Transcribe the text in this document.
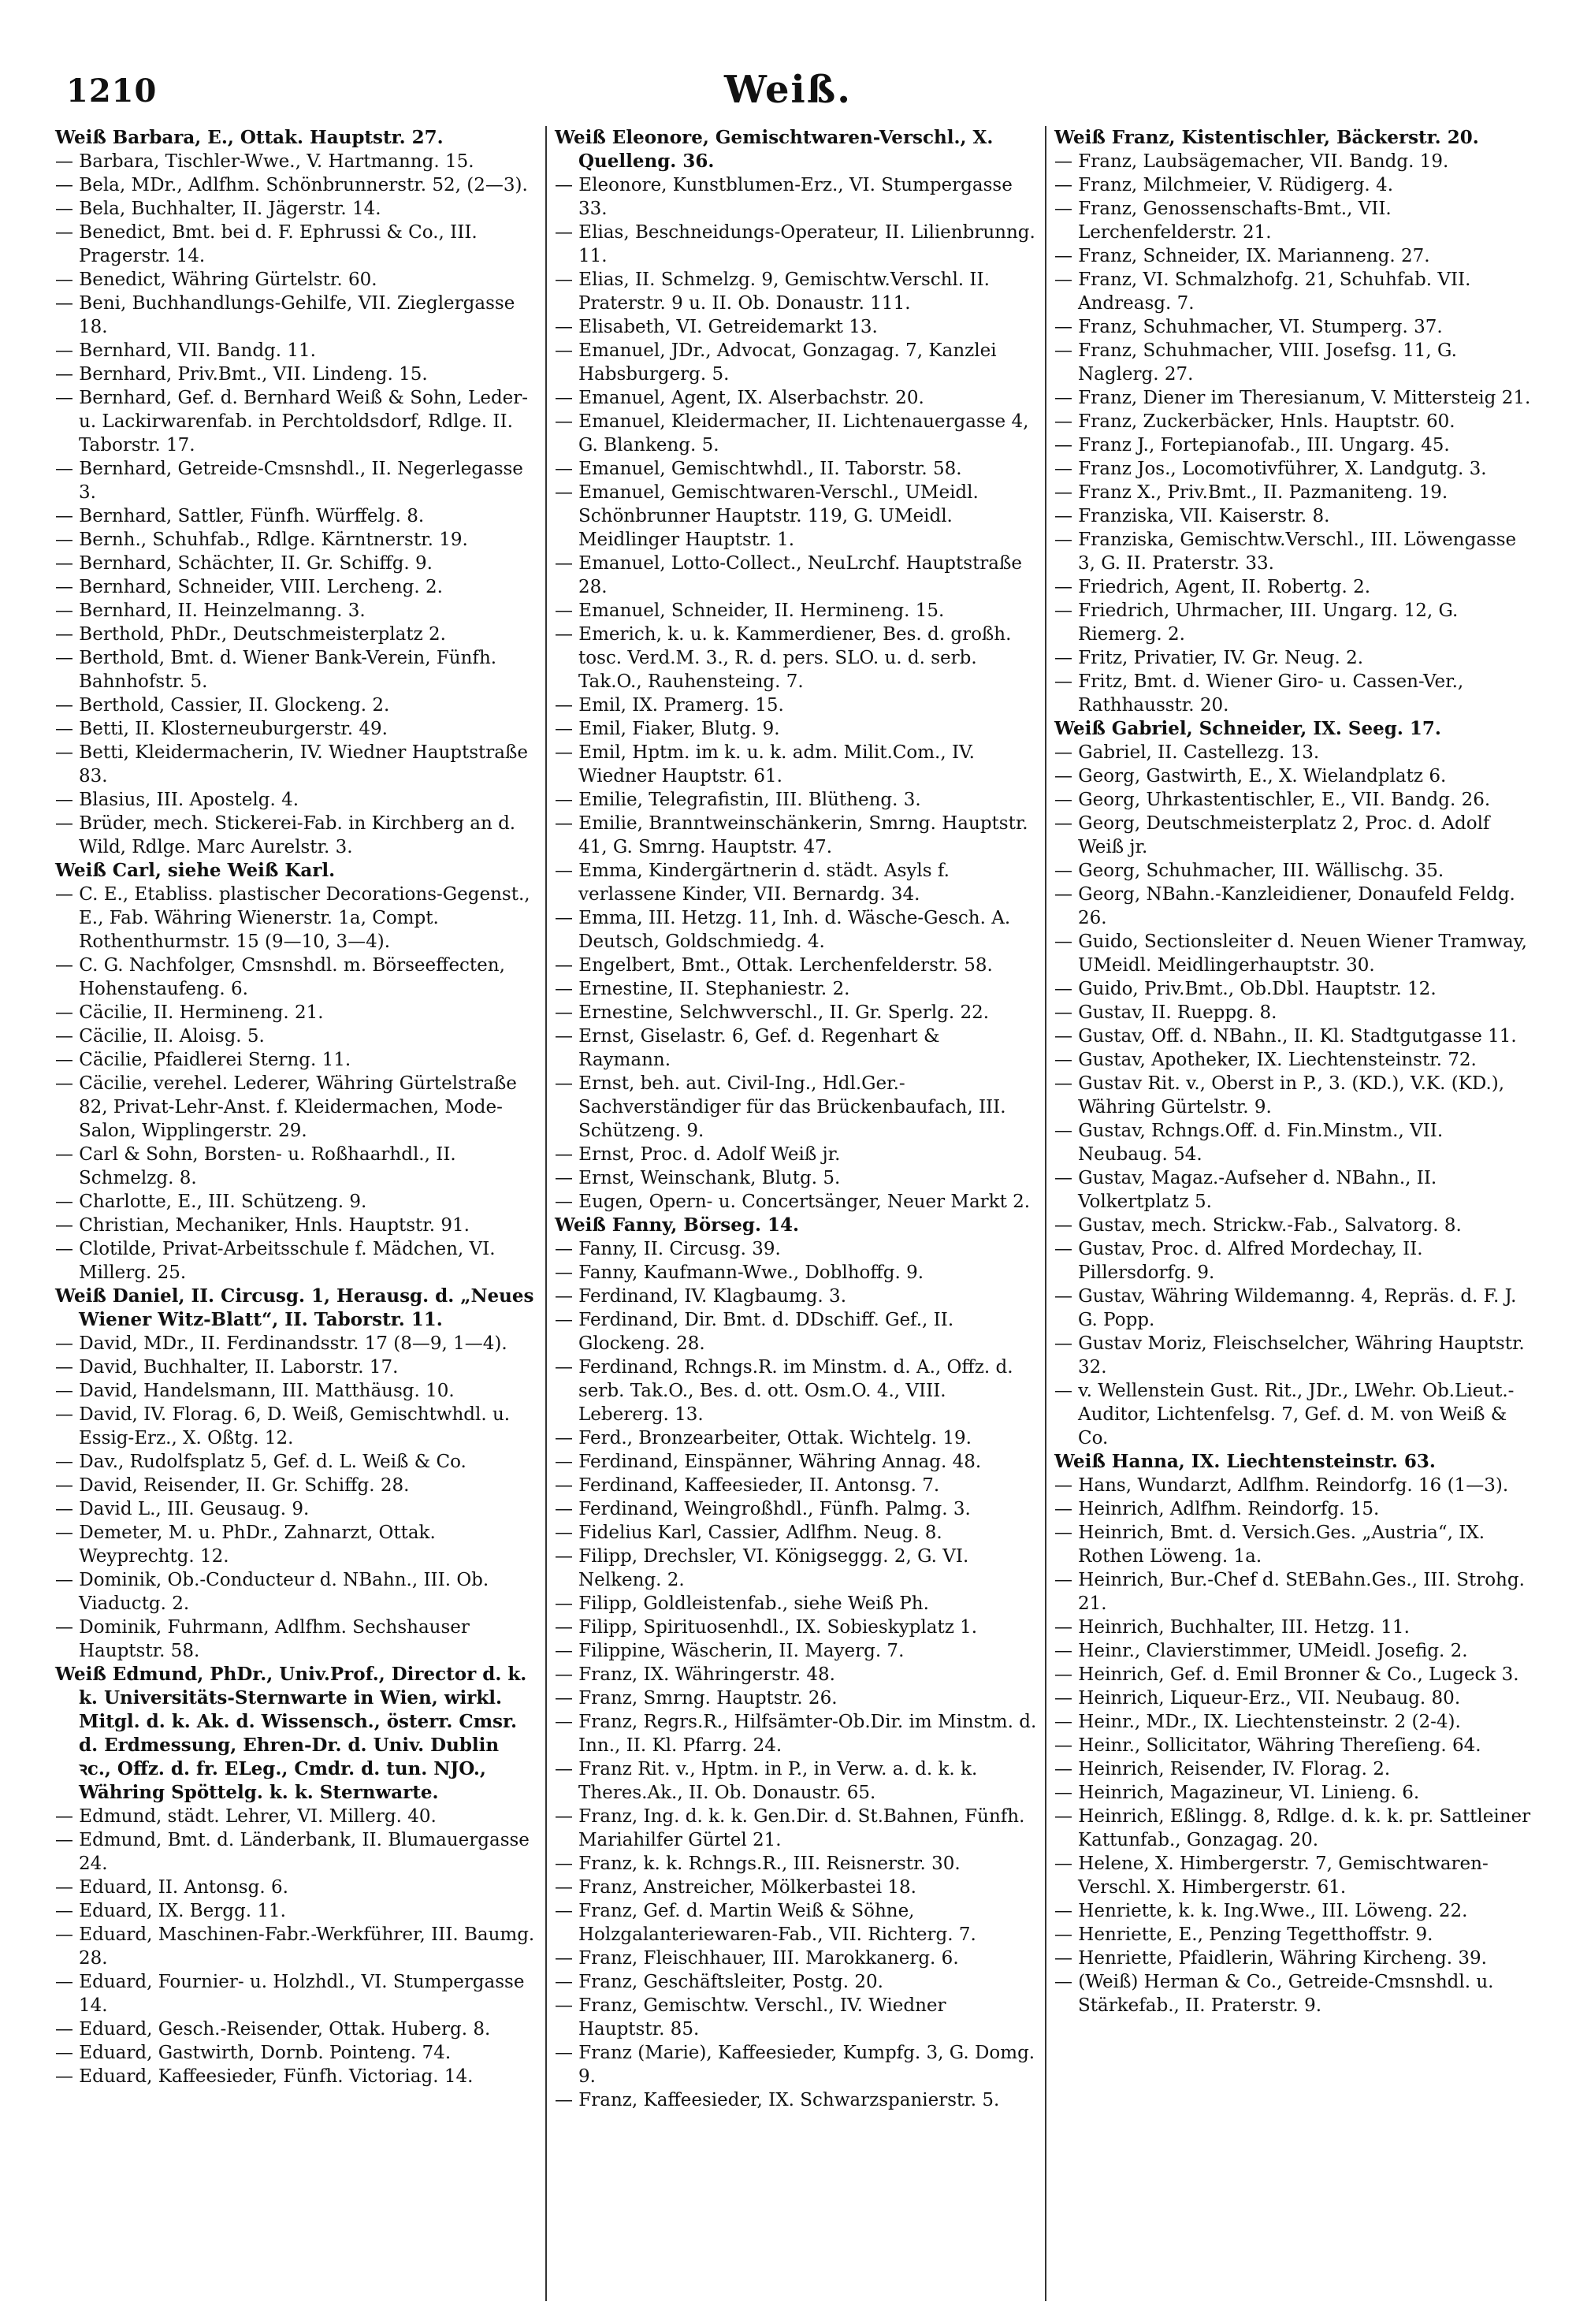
1210	Weiß.
Weiß Barbara, E., Ottak. Hauptstr. 27.
— Barbara, Tischler-Wwe., V. Hartmanng. 15.
— Bela, MDr., Adlfhm. Schönbrunnerstr. 52, (2—3).
— Bela, Buchhalter, II. Jägerstr. 14.
— Benedict, Bmt. bei d. F. Ephrussi & Co., III. Pragerstr. 14.
— Benedict, Währing Gürtelstr. 60.
— Beni, Buchhandlungs-Gehilfe, VII. Zieglergasse 18.
— Bernhard, VII. Bandg. 11.
— Bernhard, Priv.Bmt., VII. Lindeng. 15.
— Bernhard, Gef. d. Bernhard Weiß & Sohn, Leder- u. Lackirwarenfab. in Perchtoldsdorf, Rdlge. II. Taborstr. 17.
— Bernhard, Getreide-Cmsnshdl., II. Negerlegasse 3.
— Bernhard, Sattler, Fünfh. Würffelg. 8.
— Bernh., Schuhfab., Rdlge. Kärntnerstr. 19.
— Bernhard, Schächter, II. Gr. Schiffg. 9.
— Bernhard, Schneider, VIII. Lercheng. 2.
— Bernhard, II. Heinzelmanng. 3.
— Berthold, PhDr., Deutschmeisterplatz 2.
— Berthold, Bmt. d. Wiener Bank-Verein, Fünfh. Bahnhofstr. 5.
— Berthold, Cassier, II. Glockeng. 2.
— Betti, II. Klosterneuburgerstr. 49.
— Betti, Kleidermacherin, IV. Wiedner Hauptstraße 83.
— Blasius, III. Apostelg. 4.
— Brüder, mech. Stickerei-Fab. in Kirchberg an d. Wild, Rdlge. Marc Aurelstr. 3.
Weiß Carl, siehe Weiß Karl.
— C. E., Etabliss. plastischer Decorations-Gegenst., E., Fab. Währing Wienerstr. 1a, Compt. Rothenthurmstr. 15 (9—10, 3—4).
— C. G. Nachfolger, Cmsnshdl. m. Börseeffecten, Hohenstaufeng. 6.
— Cäcilie, II. Hermineng. 21.
— Cäcilie, II. Aloisg. 5.
— Cäcilie, Pfaidlerei Sterng. 11.
— Cäcilie, verehel. Lederer, Währing Gürtelstraße 82, Privat-Lehr-Anst. f. Kleidermachen, Mode-Salon, Wipplingerstr. 29.
— Carl & Sohn, Borsten- u. Roßhaarhdl., II. Schmelzg. 8.
— Charlotte, E., III. Schützeng. 9.
— Christian, Mechaniker, Hnls. Hauptstr. 91.
— Clotilde, Privat-Arbeitsschule f. Mädchen, VI. Millerg. 25.
Weiß Daniel, II. Circusg. 1, Herausg. d. „Neues Wiener Witz-Blatt“, II. Taborstr. 11.
— David, MDr., II. Ferdinandsstr. 17 (8—9, 1—4).
— David, Buchhalter, II. Laborstr. 17.
— David, Handelsmann, III. Matthäusg. 10.
— David, IV. Florag. 6, D. Weiß, Gemischtwhdl. u. Essig-Erz., X. Oßtg. 12.
— Dav., Rudolfsplatz 5, Gef. d. L. Weiß & Co.
— David, Reisender, II. Gr. Schiffg. 28.
— David L., III. Geusaug. 9.
— Demeter, M. u. PhDr., Zahnarzt, Ottak. Weyprechtg. 12.
— Dominik, Ob.-Conducteur d. NBahn., III. Ob. Viaductg. 2.
— Dominik, Fuhrmann, Adlfhm. Sechshauser Hauptstr. 58.
Weiß Edmund, PhDr., Univ.Prof., Director d. k. k. Universitäts-Sternwarte in Wien, wirkl. Mitgl. d. k. Ak. d. Wissensch., österr. Cmsr. d. Erdmessung, Ehren-Dr. d. Univ. Dublin ꝛc., Offz. d. fr. ELeg., Cmdr. d. tun. NJO., Währing Spöttelg. k. k. Sternwarte.
— Edmund, städt. Lehrer, VI. Millerg. 40.
— Edmund, Bmt. d. Länderbank, II. Blumauergasse 24.
— Eduard, II. Antonsg. 6.
— Eduard, IX. Bergg. 11.
— Eduard, Maschinen-Fabr.-Werkführer, III. Baumg. 28.
— Eduard, Fournier- u. Holzhdl., VI. Stumpergasse 14.
— Eduard, Gesch.-Reisender, Ottak. Huberg. 8.
— Eduard, Gastwirth, Dornb. Pointeng. 74.
— Eduard, Kaffeesieder, Fünfh. Victoriag. 14.
Weiß Eleonore, Gemischtwaren-Verschl., X. Quelleng. 36.
— Eleonore, Kunstblumen-Erz., VI. Stumpergasse 33.
— Elias, Beschneidungs-Operateur, II. Lilienbrunng. 11.
— Elias, II. Schmelzg. 9, Gemischtw.Verschl. II. Praterstr. 9 u. II. Ob. Donaustr. 111.
— Elisabeth, VI. Getreidemarkt 13.
— Emanuel, JDr., Advocat, Gonzagag. 7, Kanzlei Habsburgerg. 5.
— Emanuel, Agent, IX. Alserbachstr. 20.
— Emanuel, Kleidermacher, II. Lichtenauergasse 4, G. Blankeng. 5.
— Emanuel, Gemischtwhdl., II. Taborstr. 58.
— Emanuel, Gemischtwaren-Verschl., UMeidl. Schönbrunner Hauptstr. 119, G. UMeidl. Meidlinger Hauptstr. 1.
— Emanuel, Lotto-Collect., NeuLrchf. Hauptstraße 28.
— Emanuel, Schneider, II. Hermineng. 15.
— Emerich, k. u. k. Kammerdiener, Bes. d. großh. tosc. Verd.M. 3., R. d. pers. SLO. u. d. serb. Tak.O., Rauhensteing. 7.
— Emil, IX. Pramerg. 15.
— Emil, Fiaker, Blutg. 9.
— Emil, Hptm. im k. u. k. adm. Milit.Com., IV. Wiedner Hauptstr. 61.
— Emilie, Telegrafistin, III. Blütheng. 3.
— Emilie, Branntweinschänkerin, Smrng. Hauptstr. 41, G. Smrng. Hauptstr. 47.
— Emma, Kindergärtnerin d. städt. Asyls f. verlassene Kinder, VII. Bernardg. 34.
— Emma, III. Hetzg. 11, Inh. d. Wäsche-Gesch. A. Deutsch, Goldschmiedg. 4.
— Engelbert, Bmt., Ottak. Lerchenfelderstr. 58.
— Ernestine, II. Stephaniestr. 2.
— Ernestine, Selchwverschl., II. Gr. Sperlg. 22.
— Ernst, Giselastr. 6, Gef. d. Regenhart & Raymann.
— Ernst, beh. aut. Civil-Ing., Hdl.Ger.-Sachverständiger für das Brückenbaufach, III. Schützeng. 9.
— Ernst, Proc. d. Adolf Weiß jr.
— Ernst, Weinschank, Blutg. 5.
— Eugen, Opern- u. Concertsänger, Neuer Markt 2.
Weiß Fanny, Börseg. 14.
— Fanny, II. Circusg. 39.
— Fanny, Kaufmann-Wwe., Doblhoffg. 9.
— Ferdinand, IV. Klagbaumg. 3.
— Ferdinand, Dir. Bmt. d. DDschiff. Gef., II. Glockeng. 28.
— Ferdinand, Rchngs.R. im Minstm. d. A., Offz. d. serb. Tak.O., Bes. d. ott. Osm.O. 4., VIII. Lebererg. 13.
— Ferd., Bronzearbeiter, Ottak. Wichtelg. 19.
— Ferdinand, Einspänner, Währing Annag. 48.
— Ferdinand, Kaffeesieder, II. Antonsg. 7.
— Ferdinand, Weingroßhdl., Fünfh. Palmg. 3.
— Fidelius Karl, Cassier, Adlfhm. Neug. 8.
— Filipp, Drechsler, VI. Königseggg. 2, G. VI. Nelkeng. 2.
— Filipp, Goldleistenfab., siehe Weiß Ph.
— Filipp, Spirituosenhdl., IX. Sobieskyplatz 1.
— Filippine, Wäscherin, II. Mayerg. 7.
— Franz, IX. Währingerstr. 48.
— Franz, Smrng. Hauptstr. 26.
— Franz, Regrs.R., Hilfsämter-Ob.Dir. im Minstm. d. Inn., II. Kl. Pfarrg. 24.
— Franz Rit. v., Hptm. in P., in Verw. a. d. k. k. Theres.Ak., II. Ob. Donaustr. 65.
— Franz, Ing. d. k. k. Gen.Dir. d. St.Bahnen, Fünfh. Mariahilfer Gürtel 21.
— Franz, k. k. Rchngs.R., III. Reisnerstr. 30.
— Franz, Anstreicher, Mölkerbastei 18.
— Franz, Gef. d. Martin Weiß & Söhne, Holzgalanteriewaren-Fab., VII. Richterg. 7.
— Franz, Fleischhauer, III. Marokkanerg. 6.
— Franz, Geschäftsleiter, Postg. 20.
— Franz, Gemischtw. Verschl., IV. Wiedner Hauptstr. 85.
— Franz (Marie), Kaffeesieder, Kumpfg. 3, G. Domg. 9.
— Franz, Kaffeesieder, IX. Schwarzspanierstr. 5.
Weiß Franz, Kistentischler, Bäckerstr. 20.
— Franz, Laubsägemacher, VII. Bandg. 19.
— Franz, Milchmeier, V. Rüdigerg. 4.
— Franz, Genossenschafts-Bmt., VII. Lerchenfelderstr. 21.
— Franz, Schneider, IX. Marianneng. 27.
— Franz, VI. Schmalzhofg. 21, Schuhfab. VII. Andreasg. 7.
— Franz, Schuhmacher, VI. Stumperg. 37.
— Franz, Schuhmacher, VIII. Josefsg. 11, G. Naglerg. 27.
— Franz, Diener im Theresianum, V. Mittersteig 21.
— Franz, Zuckerbäcker, Hnls. Hauptstr. 60.
— Franz J., Fortepianofab., III. Ungarg. 45.
— Franz Jos., Locomotivführer, X. Landgutg. 3.
— Franz X., Priv.Bmt., II. Pazmaniteng. 19.
— Franziska, VII. Kaiserstr. 8.
— Franziska, Gemischtw.Verschl., III. Löwengasse 3, G. II. Praterstr. 33.
— Friedrich, Agent, II. Robertg. 2.
— Friedrich, Uhrmacher, III. Ungarg. 12, G. Riemerg. 2.
— Fritz, Privatier, IV. Gr. Neug. 2.
— Fritz, Bmt. d. Wiener Giro- u. Cassen-Ver., Rathhausstr. 20.
Weiß Gabriel, Schneider, IX. Seeg. 17.
— Gabriel, II. Castellezg. 13.
— Georg, Gastwirth, E., X. Wielandplatz 6.
— Georg, Uhrkastentischler, E., VII. Bandg. 26.
— Georg, Deutschmeisterplatz 2, Proc. d. Adolf Weiß jr.
— Georg, Schuhmacher, III. Wällischg. 35.
— Georg, NBahn.-Kanzleidiener, Donaufeld Feldg. 26.
— Guido, Sectionsleiter d. Neuen Wiener Tramway, UMeidl. Meidlingerhauptstr. 30.
— Guido, Priv.Bmt., Ob.Dbl. Hauptstr. 12.
— Gustav, II. Rueppg. 8.
— Gustav, Off. d. NBahn., II. Kl. Stadtgutgasse 11.
— Gustav, Apotheker, IX. Liechtensteinstr. 72.
— Gustav Rit. v., Oberst in P., 3. (KD.), V.K. (KD.), Währing Gürtelstr. 9.
— Gustav, Rchngs.Off. d. Fin.Minstm., VII. Neubaug. 54.
— Gustav, Magaz.-Aufseher d. NBahn., II. Volkertplatz 5.
— Gustav, mech. Strickw.-Fab., Salvatorg. 8.
— Gustav, Proc. d. Alfred Mordechay, II. Pillersdorfg. 9.
— Gustav, Währing Wildemanng. 4, Repräs. d. F. J. G. Popp.
— Gustav Moriz, Fleischselcher, Währing Hauptstr. 32.
— v. Wellenstein Gust. Rit., JDr., LWehr. Ob.Lieut.-Auditor, Lichtenfelsg. 7, Gef. d. M. von Weiß & Co.
Weiß Hanna, IX. Liechtensteinstr. 63.
— Hans, Wundarzt, Adlfhm. Reindorfg. 16 (1—3).
— Heinrich, Adlfhm. Reindorfg. 15.
— Heinrich, Bmt. d. Versich.Ges. „Austria“, IX. Rothen Löweng. 1a.
— Heinrich, Bur.-Chef d. StEBahn.Ges., III. Strohg. 21.
— Heinrich, Buchhalter, III. Hetzg. 11.
— Heinr., Clavierstimmer, UMeidl. Josefig. 2.
— Heinrich, Gef. d. Emil Bronner & Co., Lugeck 3.
— Heinrich, Liqueur-Erz., VII. Neubaug. 80.
— Heinr., MDr., IX. Liechtensteinstr. 2 (2-4).
— Heinr., Sollicitator, Währing Thereſieng. 64.
— Heinrich, Reisender, IV. Florag. 2.
— Heinrich, Magazineur, VI. Linieng. 6.
— Heinrich, Eßlingg. 8, Rdlge. d. k. k. pr. Sattleiner Kattunfab., Gonzagag. 20.
— Helene, X. Himbergerstr. 7, Gemischtwaren-Verschl. X. Himbergerstr. 61.
— Henriette, k. k. Ing.Wwe., III. Löweng. 22.
— Henriette, E., Penzing Tegetthoffstr. 9.
— Henriette, Pfaidlerin, Währing Kircheng. 39.
— (Weiß) Herman & Co., Getreide-Cmsnshdl. u. Stärkefab., II. Praterstr. 9.
